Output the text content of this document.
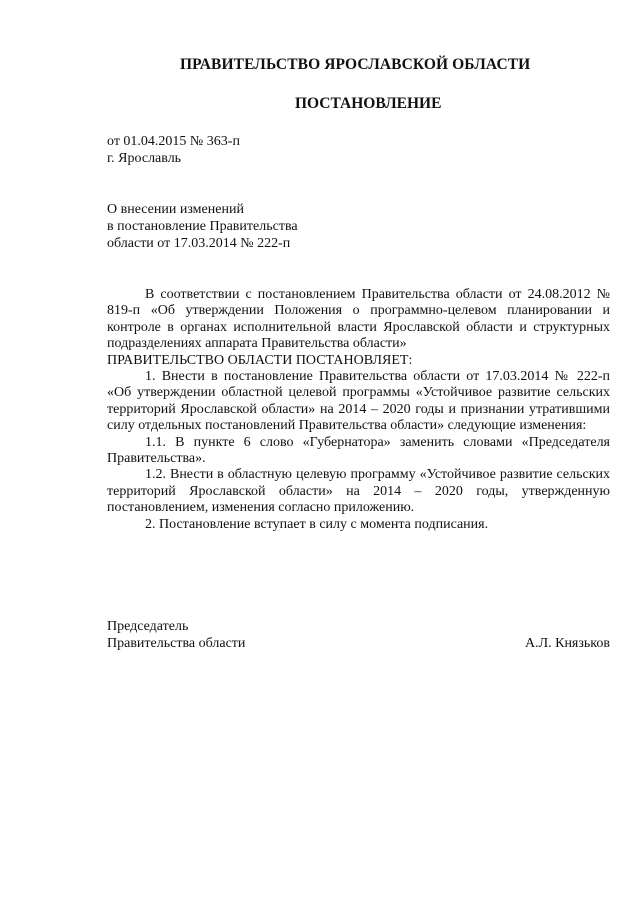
ПРАВИТЕЛЬСТВО ЯРОСЛАВСКОЙ ОБЛАСТИ
ПОСТАНОВЛЕНИЕ
от 01.04.2015 № 363-п
г. Ярославль
О внесении изменений
в постановление Правительства
области от 17.03.2014 № 222-п

В соответствии с постановлением Правительства области от 24.08.2012 № 819-п «Об утверждении Положения о программно-целевом планировании и контроле в органах исполнительной власти Ярославской области и структурных подразделениях аппарата Правительства области»

ПРАВИТЕЛЬСТВО ОБЛАСТИ ПОСТАНОВЛЯЕТ:

1. Внести в постановление Правительства области от 17.03.2014 № 222-п «Об утверждении областной целевой программы «Устойчивое развитие сельских территорий Ярославской области» на 2014 – 2020 годы и признании утратившими силу отдельных постановлений Правительства области» следующие изменения:

1.1. В пункте 6 слово «Губернатора» заменить словами «Председателя Правительства».

1.2. Внести в областную целевую программу «Устойчивое развитие сельских территорий Ярославской области» на 2014 – 2020 годы, утвержденную постановлением, изменения согласно приложению.

2. Постановление вступает в силу с момента подписания.

Председатель
Правительства области	А.Л. Князьков
